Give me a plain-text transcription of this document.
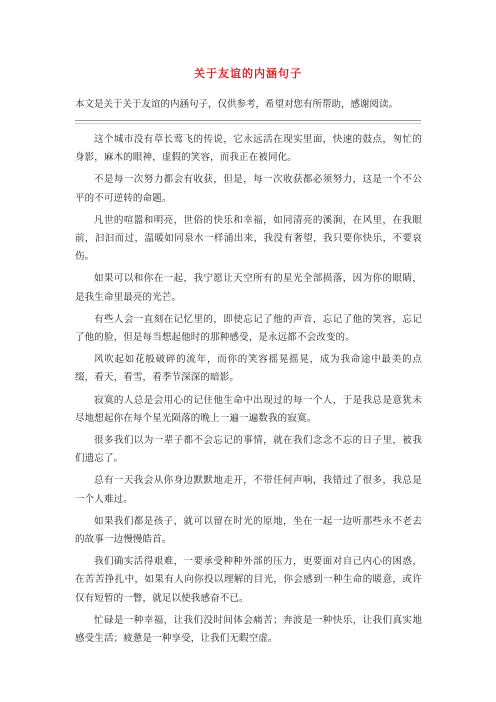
关于友谊的内涵句子
本文是关于关于友谊的内涵句子，仅供参考，希望对您有所帮助，感谢阅读。

这个城市没有草长莺飞的传说，它永远活在现实里面，快速的鼓点，匆忙的身影，麻木的眼神，虚假的笑容，而我正在被同化。

不是每一次努力都会有收获，但是，每一次收获都必须努力，这是一个不公平的不可逆转的命题。

凡世的喧嚣和明亮，世俗的快乐和幸福，如同清亮的溪涧，在风里，在我眼前，汩汩而过，温暖如同泉水一样涌出来，我没有奢望，我只要你快乐，不要哀伤。

如果可以和你在一起，我宁愿让天空所有的星光全部损落，因为你的眼睛，是我生命里最亮的光芒。

有些人会一直刻在记忆里的，即使忘记了他的声音，忘记了他的笑容，忘记了他的脸，但是每当想起他时的那种感受，是永远都不会改变的。

风吹起如花般破碎的流年，而你的笑容摇晃摇晃，成为我命途中最美的点缀，看天，看雪，看季节深深的暗影。

寂寞的人总是会用心的记住他生命中出现过的每一个人，于是我总是意犹未尽地想起你在每个星光陨落的晚上一遍一遍数我的寂寞。

很多我们以为一辈子都不会忘记的事情，就在我们念念不忘的日子里，被我们遗忘了。

总有一天我会从你身边默默地走开，不带任何声响，我错过了很多，我总是一个人难过。

如果我们都是孩子，就可以留在时光的原地，坐在一起一边听那些永不老去的故事一边慢慢皓首。

我们确实活得艰难，一要承受种种外部的压力，更要面对自己内心的困惑，在苦苦挣扎中，如果有人向你投以理解的目光，你会感到一种生命的暖意，或许仅有短暂的一瞥，就足以使我感奋不已。

忙碌是一种幸福，让我们没时间体会痛苦；奔波是一种快乐，让我们真实地感受生活；疲惫是一种享受，让我们无暇空虚。
